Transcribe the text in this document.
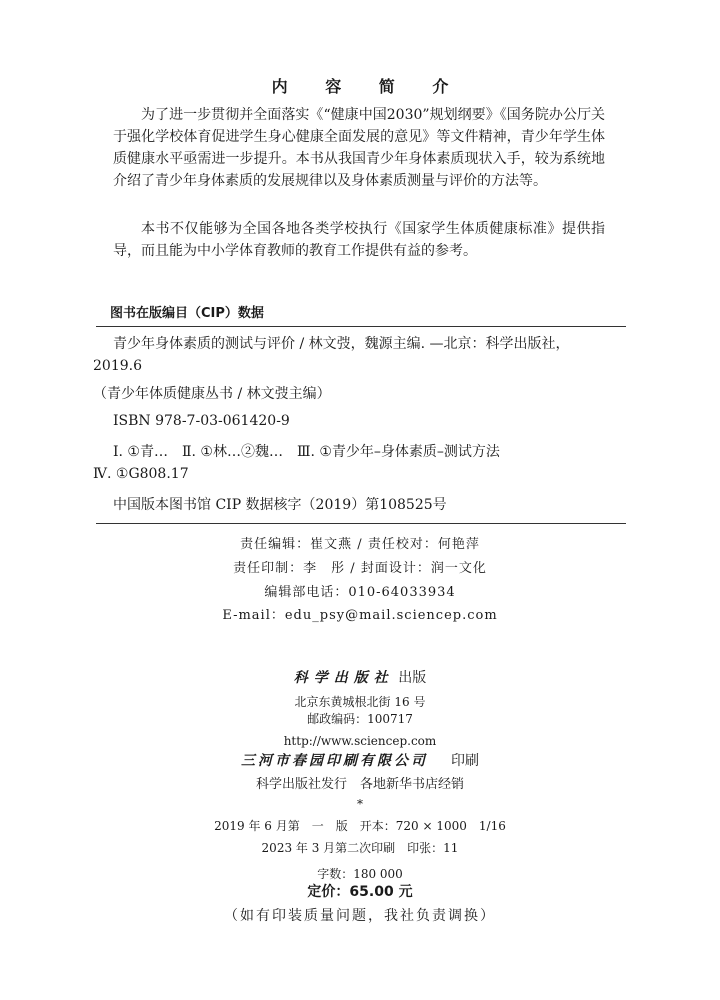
内 容 简 介

为了进一步贯彻并全面落实《“健康中国2030”规划纲要》《国务院办公厅关于强化学校体育促进学生身心健康全面发展的意见》等文件精神，青少年学生体质健康水平亟需进一步提升。本书从我国青少年身体素质现状入手，较为系统地介绍了青少年身体素质的发展规律以及身体素质测量与评价的方法等。

本书不仅能够为全国各地各类学校执行《国家学生体质健康标准》提供指导，而且能为中小学体育教师的教育工作提供有益的参考。

图书在版编目（CIP）数据

青少年身体素质的测试与评价 / 林文弢，魏源主编. —北京：科学出版社，

2019.6

（青少年体质健康丛书 / 林文弢主编）

ISBN 978-7-03-061420-9

Ⅰ. ①青…　Ⅱ. ①林…②魏…　Ⅲ. ①青少年–身体素质–测试方法

Ⅳ. ①G808.17

中国版本图书馆 CIP 数据核字（2019）第108525号

责任编辑：崔文燕 / 责任校对：何艳萍

责任印制：李　彤 / 封面设计：润一文化

编辑部电话：010-64033934

E-mail：edu_psy@mail.sciencep.com

科学出版社 出版

北京东黄城根北街 16 号

邮政编码：100717

http://www.sciencep.com

三河市春园印刷有限公司 印刷

科学出版社发行　各地新华书店经销

*

2019 年 6 月第　一　版　开本：720 × 1000　1/16

2023 年 3 月第二次印刷　印张：11

字数：180 000

定价：65.00 元

（如有印装质量问题，我社负责调换）
